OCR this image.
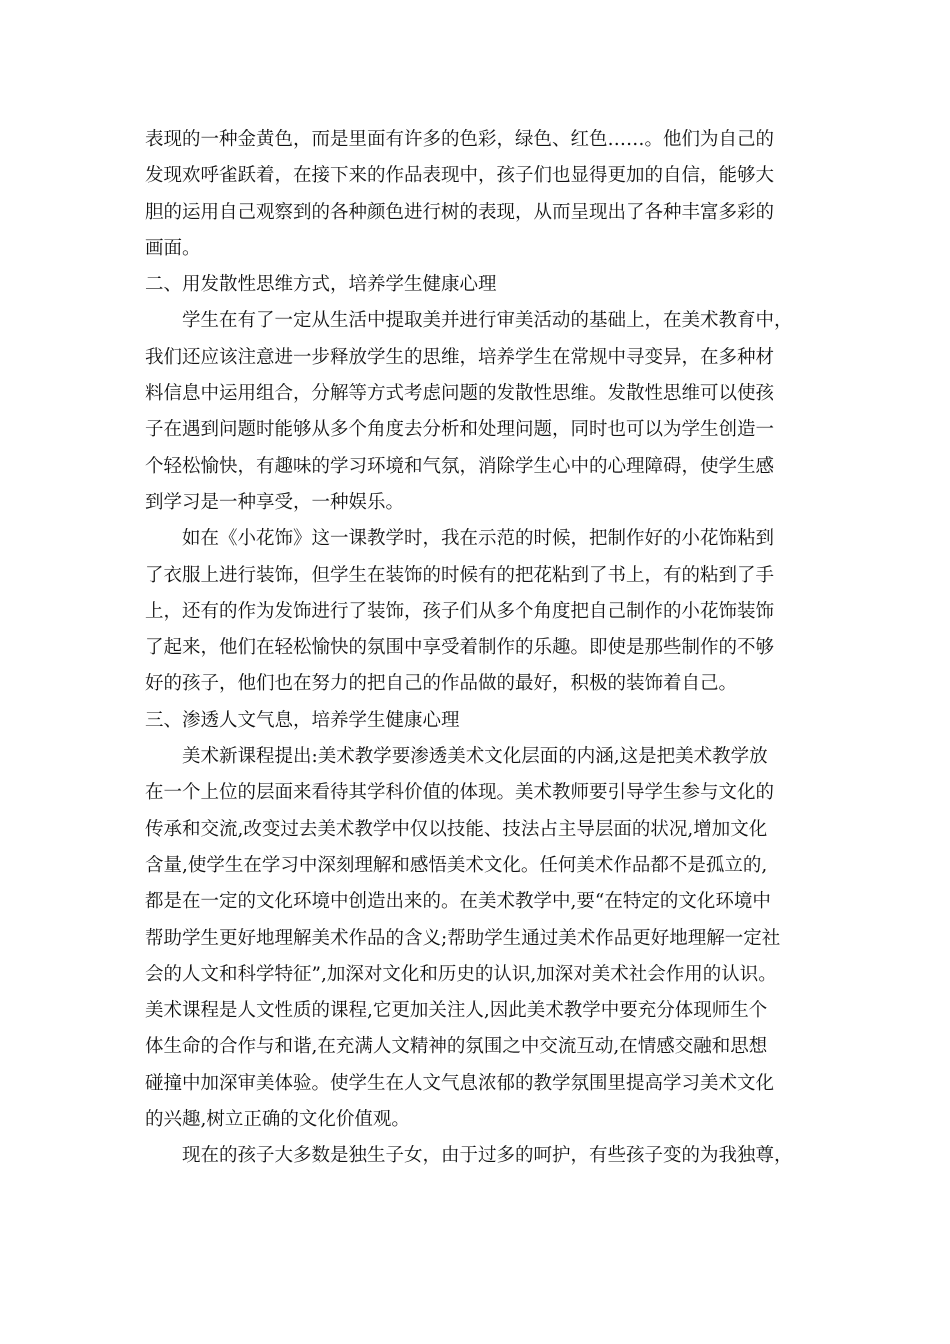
表现的一种金黄色，而是里面有许多的色彩，绿色、红色……。他们为自己的
发现欢呼雀跃着，在接下来的作品表现中，孩子们也显得更加的自信，能够大
胆的运用自己观察到的各种颜色进行树的表现，从而呈现出了各种丰富多彩的
画面。
二、用发散性思维方式，培养学生健康心理
学生在有了一定从生活中提取美并进行审美活动的基础上，在美术教育中，
我们还应该注意进一步释放学生的思维，培养学生在常规中寻变异，在多种材
料信息中运用组合，分解等方式考虑问题的发散性思维。发散性思维可以使孩
子在遇到问题时能够从多个角度去分析和处理问题，同时也可以为学生创造一
个轻松愉快，有趣味的学习环境和气氛，消除学生心中的心理障碍，使学生感
到学习是一种享受，一种娱乐。
如在《小花饰》这一课教学时，我在示范的时候，把制作好的小花饰粘到
了衣服上进行装饰，但学生在装饰的时候有的把花粘到了书上，有的粘到了手
上，还有的作为发饰进行了装饰，孩子们从多个角度把自己制作的小花饰装饰
了起来，他们在轻松愉快的氛围中享受着制作的乐趣。即使是那些制作的不够
好的孩子，他们也在努力的把自己的作品做的最好，积极的装饰着自己。
三、渗透人文气息，培养学生健康心理
美术新课程提出:美术教学要渗透美术文化层面的内涵,这是把美术教学放
在一个上位的层面来看待其学科价值的体现。美术教师要引导学生参与文化的
传承和交流,改变过去美术教学中仅以技能、技法占主导层面的状况,增加文化
含量,使学生在学习中深刻理解和感悟美术文化。任何美术作品都不是孤立的,
都是在一定的文化环境中创造出来的。在美术教学中,要“在特定的文化环境中
帮助学生更好地理解美术作品的含义;帮助学生通过美术作品更好地理解一定社
会的人文和科学特征”,加深对文化和历史的认识,加深对美术社会作用的认识。
美术课程是人文性质的课程,它更加关注人,因此美术教学中要充分体现师生个
体生命的合作与和谐,在充满人文精神的氛围之中交流互动,在情感交融和思想
碰撞中加深审美体验。使学生在人文气息浓郁的教学氛围里提高学习美术文化
的兴趣,树立正确的文化价值观。
现在的孩子大多数是独生子女，由于过多的呵护，有些孩子变的为我独尊，
